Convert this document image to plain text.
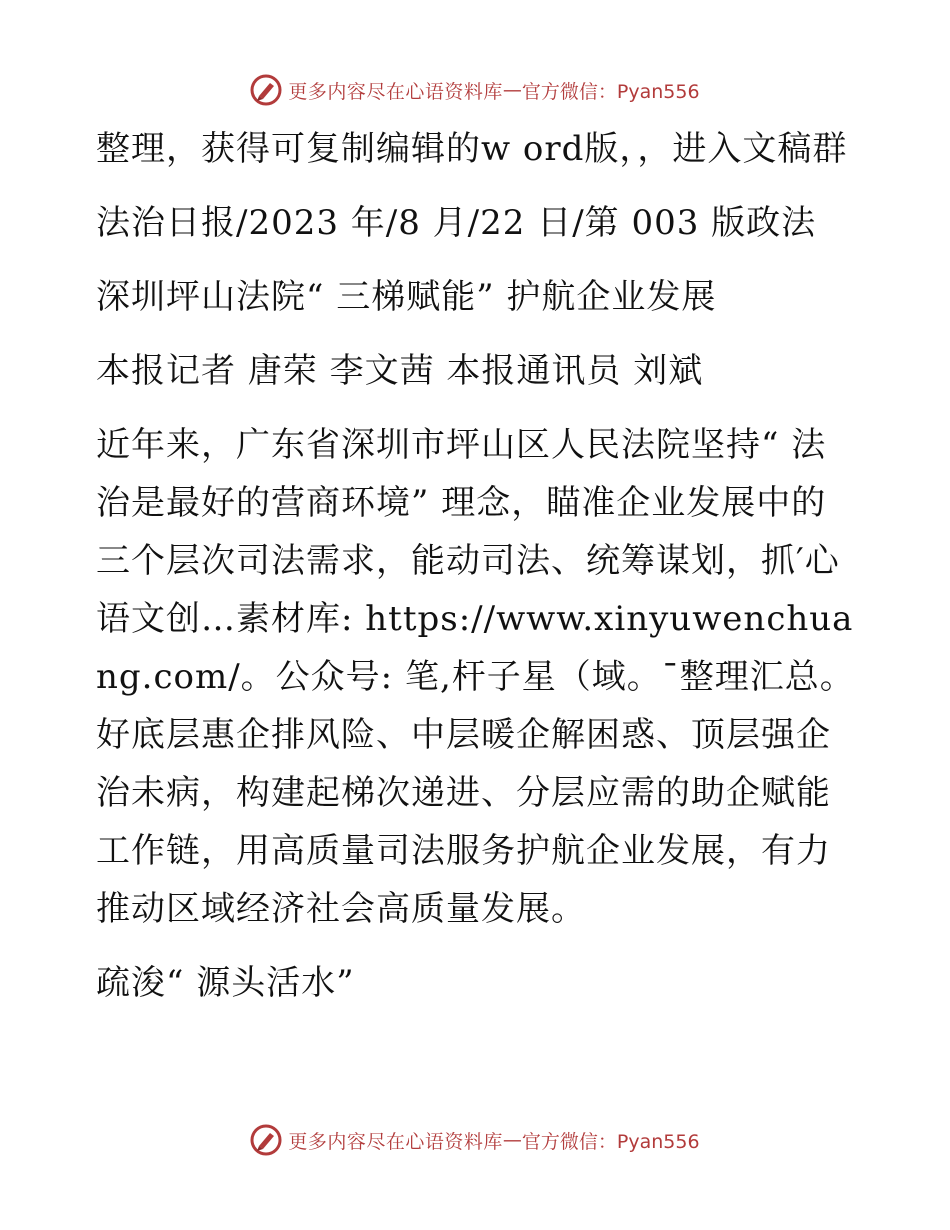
更多内容尽在心语资料库 — 官方微信：Pyan556

整理，获得可复制编辑的w ord版，，进入文稿群

法治日报/2023 年/8 月/22 日/第 003 版政法

深圳坪山法院“ 三梯赋能” 护航企业发展

本报记者 唐荣 李文茜 本报通讯员 刘斌

近年来，广东省深圳市坪山区人民法院坚持“ 法治是最好的营商环境” 理念，瞄准企业发展中的三个层次司法需求，能动司法、统筹谋划，抓′心语文创…素材库: https://www.xinyuwenchuang.com/。公众号: 笔,杆子星（域。¯整理汇总。好底层惠企排风险、中层暖企解困惑、顶层强企治未病，构建起梯次递进、分层应需的助企赋能工作链，用高质量司法服务护航企业发展，有力推动区域经济社会高质量发展。

疏浚“ 源头活水”

更多内容尽在心语资料库 — 官方微信：Pyan556
